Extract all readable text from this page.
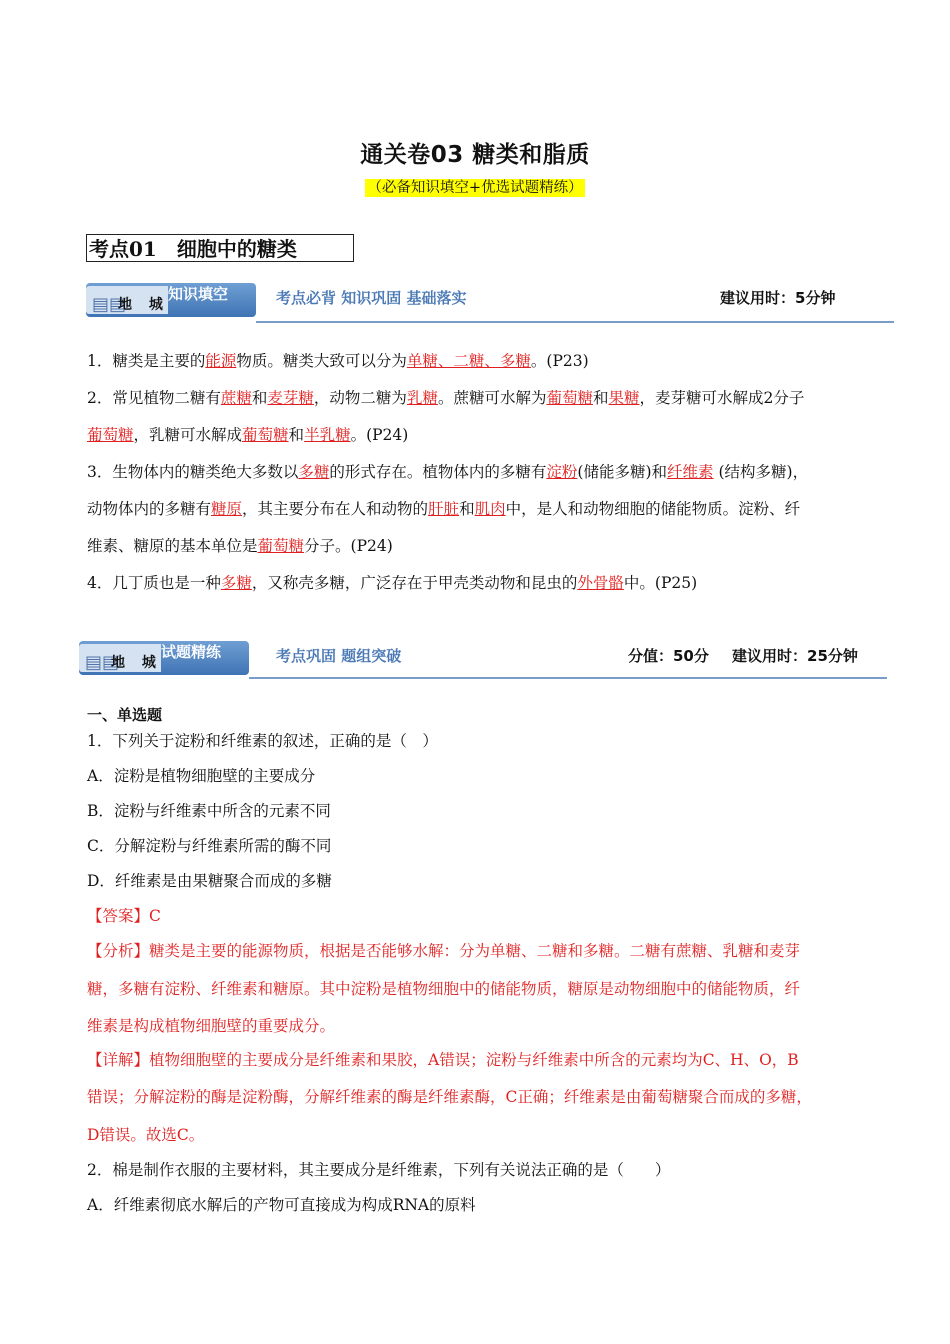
通关卷03 糖类和脂质
（必备知识填空+优选试题精练）
考点01　细胞中的糖类
▤▤
地 城
知识填空	考点必背 知识巩固 基础落实	建议用时：5分钟
1．糖类是主要的能源物质。糖类大致可以分为单糖、二糖、多糖。(P23)
2．常见植物二糖有蔗糖和麦芽糖，动物二糖为乳糖。蔗糖可水解为葡萄糖和果糖，麦芽糖可水解成2分子
葡萄糖，乳糖可水解成葡萄糖和半乳糖。(P24)
3．生物体内的糖类绝大多数以多糖的形式存在。植物体内的多糖有淀粉(储能多糖)和纤维素 (结构多糖)，
动物体内的多糖有糖原，其主要分布在人和动物的肝脏和肌肉中，是人和动物细胞的储能物质。淀粉、纤
维素、糖原的基本单位是葡萄糖分子。(P24)
4．几丁质也是一种多糖，又称壳多糖，广泛存在于甲壳类动物和昆虫的外骨骼中。(P25)
▤▤
地 城
试题精练	考点巩固 题组突破	分值：50分 建议用时：25分钟
一、单选题
1．下列关于淀粉和纤维素的叙述，正确的是（　）
A．淀粉是植物细胞壁的主要成分
B．淀粉与纤维素中所含的元素不同
C．分解淀粉与纤维素所需的酶不同
D．纤维素是由果糖聚合而成的多糖
【答案】C
【分析】糖类是主要的能源物质，根据是否能够水解：分为单糖、二糖和多糖。二糖有蔗糖、乳糖和麦芽
糖，多糖有淀粉、纤维素和糖原。其中淀粉是植物细胞中的储能物质，糖原是动物细胞中的储能物质，纤
维素是构成植物细胞壁的重要成分。
【详解】植物细胞壁的主要成分是纤维素和果胶，A错误；淀粉与纤维素中所含的元素均为C、H、O，B
错误；分解淀粉的酶是淀粉酶，分解纤维素的酶是纤维素酶，C正确；纤维素是由葡萄糖聚合而成的多糖，
D错误。故选C。
2．棉是制作衣服的主要材料，其主要成分是纤维素，下列有关说法正确的是（　　）
A．纤维素彻底水解后的产物可直接成为构成RNA的原料
